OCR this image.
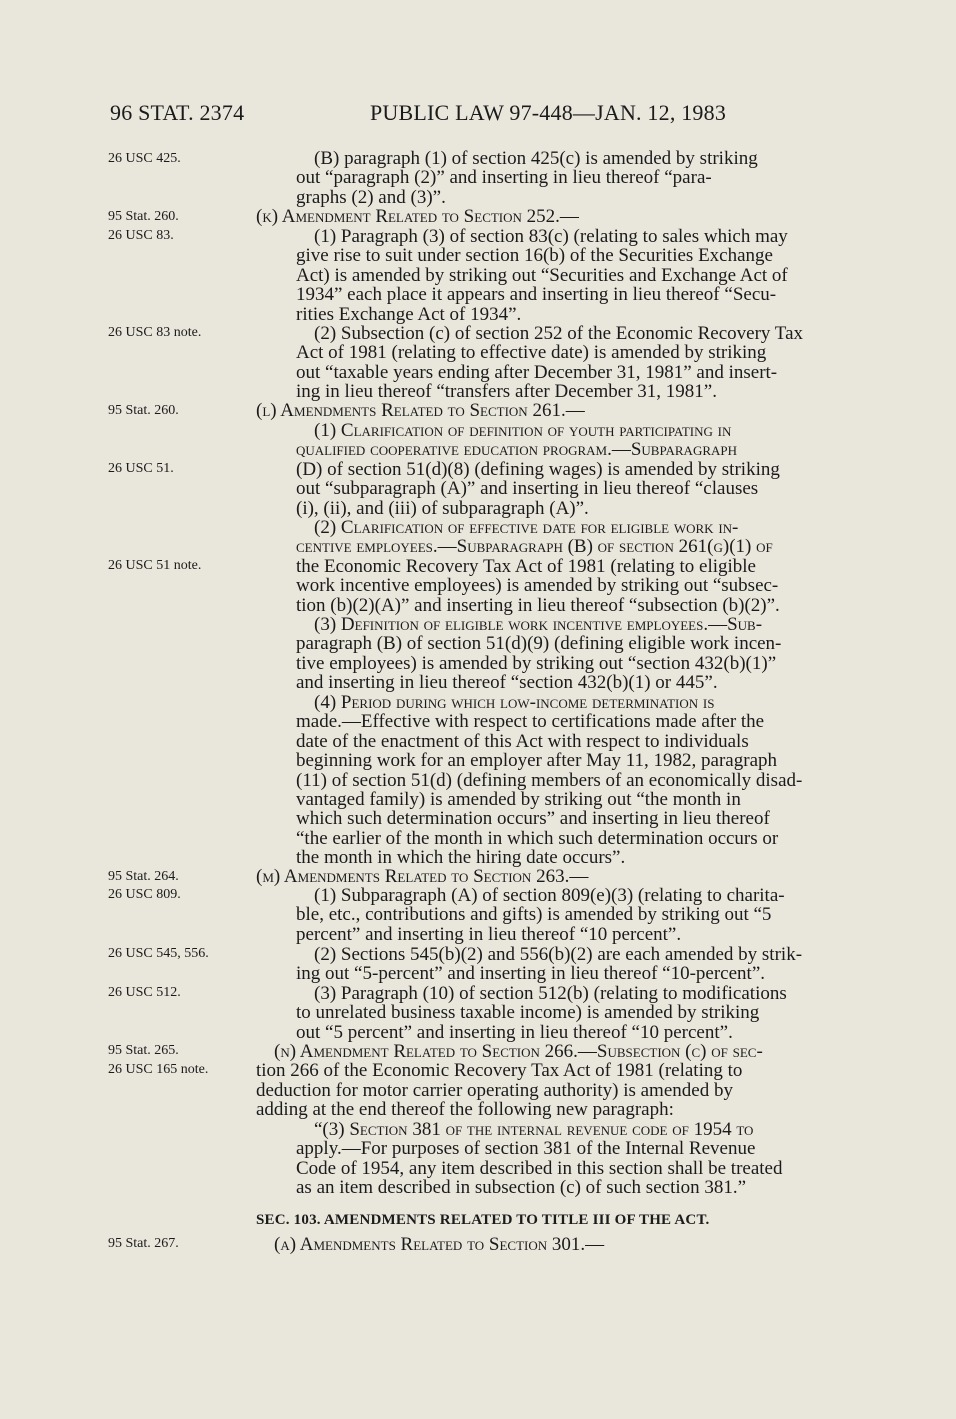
96 STAT. 2374	PUBLIC LAW 97-448—JAN. 12, 1983
26 USC 425.
95 Stat. 260.
26 USC 83.
26 USC 83 note.
95 Stat. 260.
26 USC 51.
26 USC 51 note.
95 Stat. 264.
26 USC 809.
26 USC 545, 556.
26 USC 512.
95 Stat. 265.
26 USC 165 note.
95 Stat. 267.
(B) paragraph (1) of section 425(c) is amended by striking
out “paragraph (2)” and inserting in lieu thereof “para-
graphs (2) and (3)”.
(k) Amendment Related to Section 252.—
(1) Paragraph (3) of section 83(c) (relating to sales which may
give rise to suit under section 16(b) of the Securities Exchange
Act) is amended by striking out “Securities and Exchange Act of
1934” each place it appears and inserting in lieu thereof “Secu-
rities Exchange Act of 1934”.
(2) Subsection (c) of section 252 of the Economic Recovery Tax
Act of 1981 (relating to effective date) is amended by striking
out “taxable years ending after December 31, 1981” and insert-
ing in lieu thereof “transfers after December 31, 1981”.
(l) Amendments Related to Section 261.—
(1) Clarification of definition of youth participating in
qualified cooperative education program.—Subparagraph
(D) of section 51(d)(8) (defining wages) is amended by striking
out “subparagraph (A)” and inserting in lieu thereof “clauses
(i), (ii), and (iii) of subparagraph (A)”.
(2) Clarification of effective date for eligible work in-
centive employees.—Subparagraph (B) of section 261(g)(1) of
the Economic Recovery Tax Act of 1981 (relating to eligible
work incentive employees) is amended by striking out “subsec-
tion (b)(2)(A)” and inserting in lieu thereof “subsection (b)(2)”.
(3) Definition of eligible work incentive employees.—Sub-
paragraph (B) of section 51(d)(9) (defining eligible work incen-
tive employees) is amended by striking out “section 432(b)(1)”
and inserting in lieu thereof “section 432(b)(1) or 445”.
(4) Period during which low-income determination is
made.—Effective with respect to certifications made after the
date of the enactment of this Act with respect to individuals
beginning work for an employer after May 11, 1982, paragraph
(11) of section 51(d) (defining members of an economically disad-
vantaged family) is amended by striking out “the month in
which such determination occurs” and inserting in lieu thereof
“the earlier of the month in which such determination occurs or
the month in which the hiring date occurs”.
(m) Amendments Related to Section 263.—
(1) Subparagraph (A) of section 809(e)(3) (relating to charita-
ble, etc., contributions and gifts) is amended by striking out “5
percent” and inserting in lieu thereof “10 percent”.
(2) Sections 545(b)(2) and 556(b)(2) are each amended by strik-
ing out “5-percent” and inserting in lieu thereof “10-percent”.
(3) Paragraph (10) of section 512(b) (relating to modifications
to unrelated business taxable income) is amended by striking
out “5 percent” and inserting in lieu thereof “10 percent”.
(n) Amendment Related to Section 266.—Subsection (c) of sec-
tion 266 of the Economic Recovery Tax Act of 1981 (relating to
deduction for motor carrier operating authority) is amended by
adding at the end thereof the following new paragraph:
“(3) Section 381 of the internal revenue code of 1954 to
apply.—For purposes of section 381 of the Internal Revenue
Code of 1954, any item described in this section shall be treated
as an item described in subsection (c) of such section 381.”
SEC. 103. AMENDMENTS RELATED TO TITLE III OF THE ACT.
(a) Amendments Related to Section 301.—
